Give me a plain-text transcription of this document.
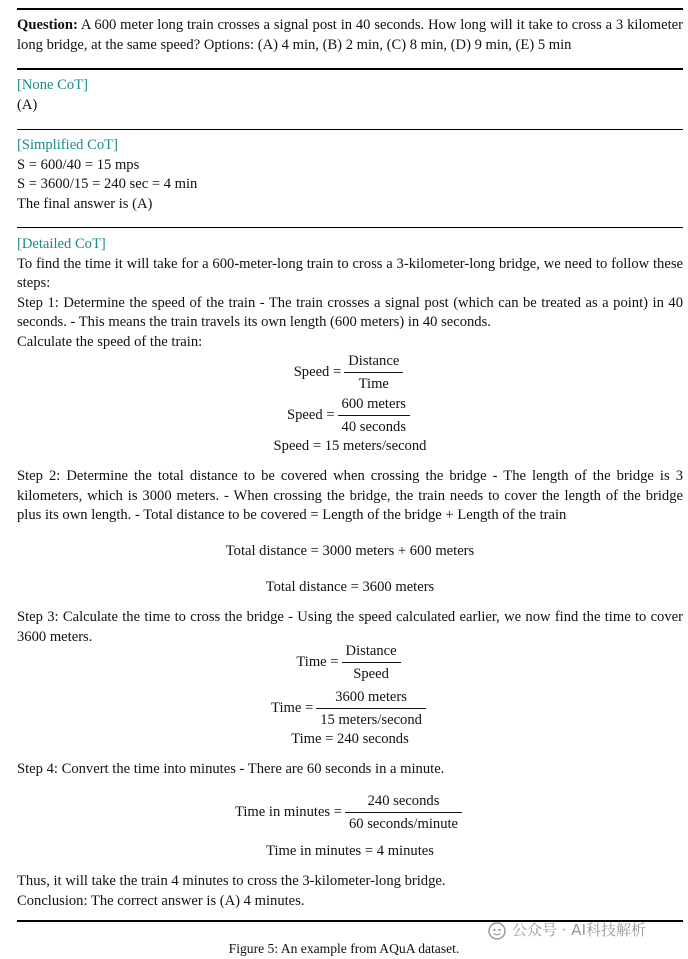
Question: A 600 meter long train crosses a signal post in 40 seconds. How long will it take to cross a 3 kilometer long bridge, at the same speed? Options: (A) 4 min, (B) 2 min, (C) 8 min, (D) 9 min, (E) 5 min
[None CoT]
(A)
[Simplified CoT]
S = 600/40 = 15 mps
S = 3600/15 = 240 sec = 4 min
The final answer is (A)
[Detailed CoT]
To find the time it will take for a 600-meter-long train to cross a 3-kilometer-long bridge, we need to follow these steps:
Step 1: Determine the speed of the train - The train crosses a signal post (which can be treated as a point) in 40 seconds. - This means the train travels its own length (600 meters) in 40 seconds.
Calculate the speed of the train:
Speed = $\frac{\text{Distance}}{\text{Time}}$
Speed = $\frac{\text{600 meters}}{\text{40 seconds}}$
Speed = 15 meters/second
Step 2: Determine the total distance to be covered when crossing the bridge - The length of the bridge is 3 kilometers, which is 3000 meters. - When crossing the bridge, the train needs to cover the length of the bridge plus its own length. - Total distance to be covered = Length of the bridge + Length of the train
Total distance = 3000 meters + 600 meters
Total distance = 3600 meters
Step 3: Calculate the time to cross the bridge - Using the speed calculated earlier, we now find the time to cover 3600 meters.
Time = $\frac{\text{Distance}}{\text{Speed}}$
Time = $\frac{\text{3600 meters}}{\text{15 meters/second}}$
Time = 240 seconds
Step 4: Convert the time into minutes - There are 60 seconds in a minute.
Time in minutes = $\frac{\text{240 seconds}}{\text{60 seconds/minute}}$
Time in minutes = 4 minutes
Thus, it will take the train 4 minutes to cross the 3-kilometer-long bridge.
Conclusion: The correct answer is (A) 4 minutes.
公众号 · AI科技解析
Figure 5: An example from AQuA dataset.
